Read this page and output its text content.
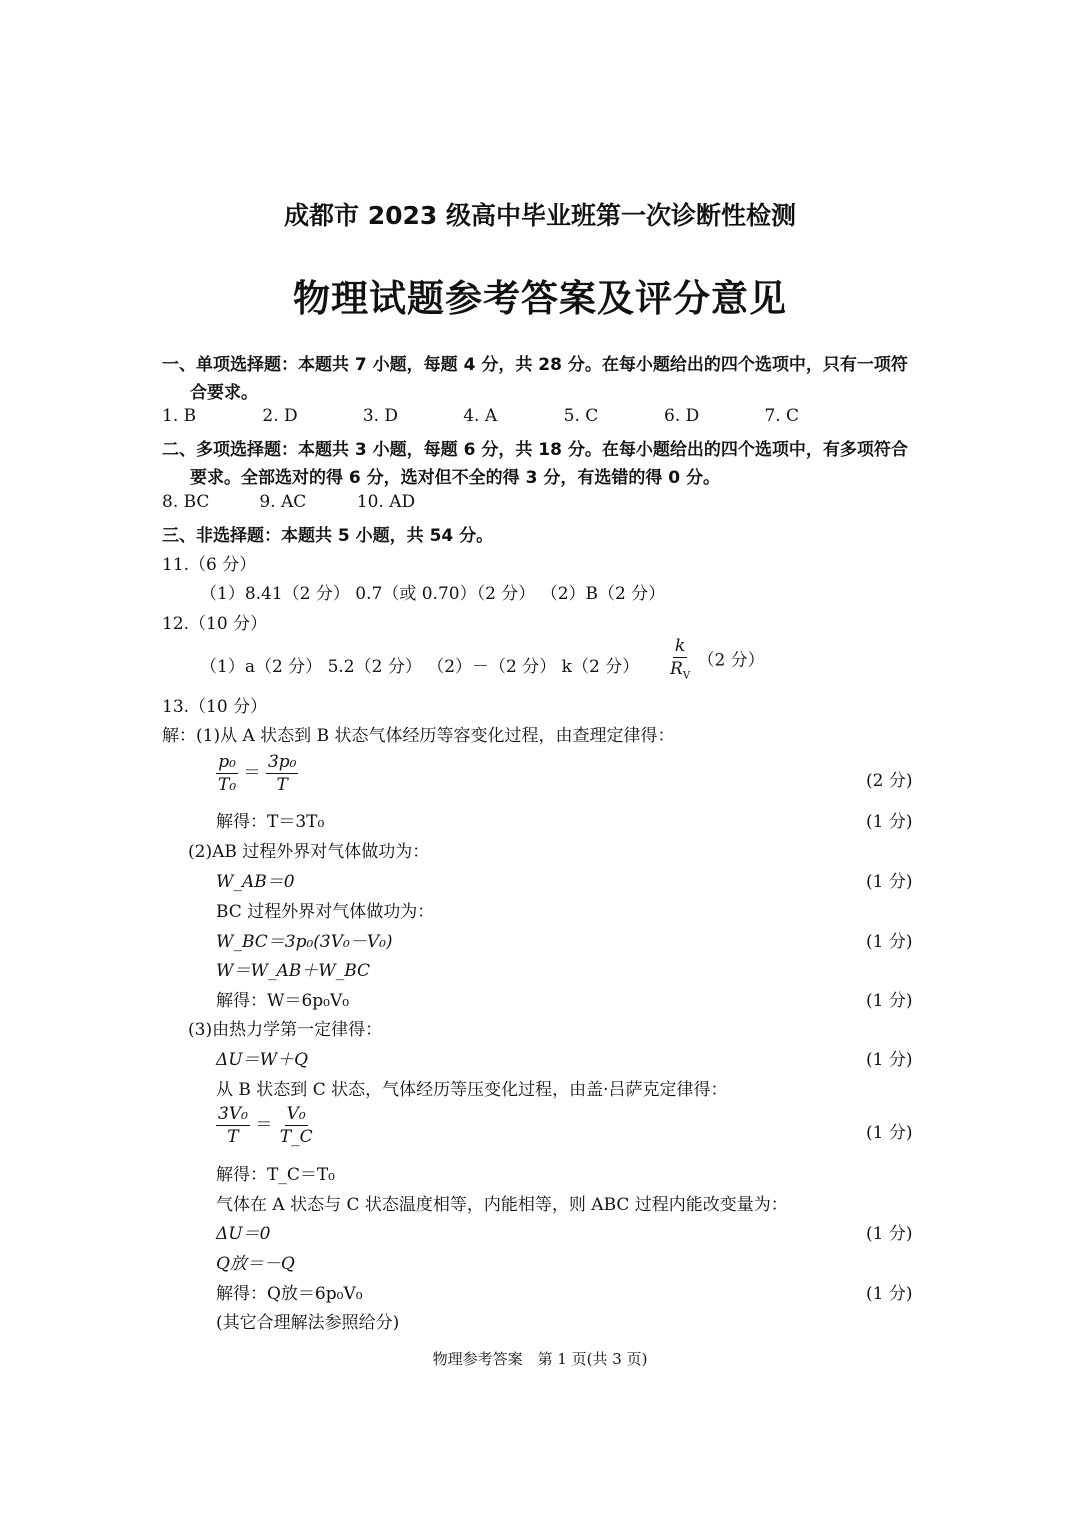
成都市 2023 级高中毕业班第一次诊断性检测
物理试题参考答案及评分意见
一、单项选择题：本题共 7 小题，每题 4 分，共 28 分。在每小题给出的四个选项中，只有一项符
合要求。
1. B	2. D	3. D	4. A	5. C	6. D	7. C
二、多项选择题：本题共 3 小题，每题 6 分，共 18 分。在每小题给出的四个选项中，有多项符合
要求。全部选对的得 6 分，选对但不全的得 3 分，有选错的得 0 分。
8. BC	9. AC	10. AD
三、非选择题：本题共 5 小题，共 54 分。
11.（6 分）
（1）8.41（2 分） 0.7（或 0.70）（2 分） （2）B（2 分）
12.（10 分）
（1）a（2 分） 5.2（2 分） （2）－（2 分） k（2 分） $\frac{k}{R_V} (2$ 分）
13.（10 分）
解：(1)从 A 状态到 B 状态气体经历等容变化过程，由查理定律得：
$\frac{\text{p₀}}{\text{T₀}} = \frac{\text{3p₀}}{T}$	(2 分)
解得：T＝3T₀	(1 分)
(2)AB 过程外界对气体做功为：
W_AB＝0	(1 分)
BC 过程外界对气体做功为：
W_BC＝3p₀(3V₀－V₀)	(1 分)
W＝W_AB＋W_BC
解得：W＝6p₀V₀	(1 分)
(3)由热力学第一定律得：
ΔU＝W＋Q	(1 分)
从 B 状态到 C 状态，气体经历等压变化过程，由盖·吕萨克定律得：
$\frac{\text{3V₀}}{T} = \frac{\text{V₀}}{T\_C}$	(1 分)
解得：T_C＝T₀
气体在 A 状态与 C 状态温度相等，内能相等，则 ABC 过程内能改变量为：
ΔU＝0	(1 分)
Q放＝－Q
解得：Q放＝6p₀V₀	(1 分)
(其它合理解法参照给分)
物理参考答案　第 1 页(共 3 页)
